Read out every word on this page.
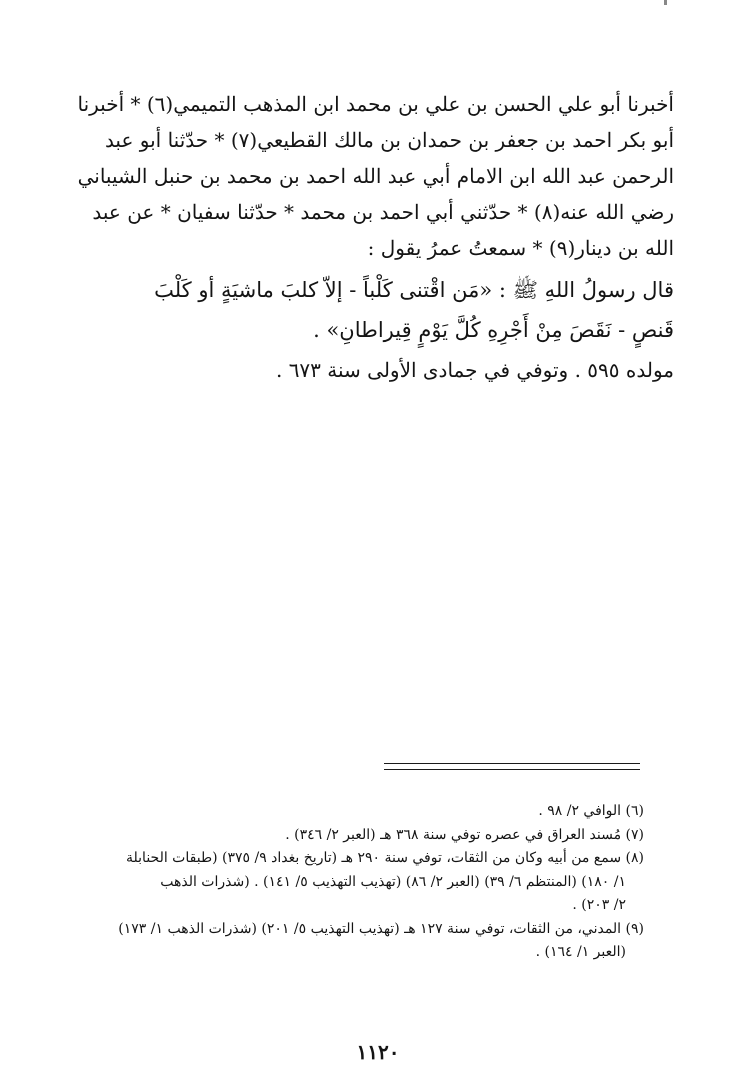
أخبرنا أبو علي الحسن بن علي بن محمد ابن المذهب التميمي(٦) * أخبرنا
أبو بكر احمد بن جعفر بن حمدان بن مالك القطيعي(٧) * حدّثنا أبو عبد
الرحمن عبد الله ابن الامام أبي عبد الله احمد بن محمد بن حنبل الشيباني
رضي الله عنه(٨) * حدّثني أبي احمد بن محمد * حدّثنا سفيان * عن عبد
الله بن دينار(٩) * سمعتُ عمرُ يقول :
قال رسولُ اللهِ ﷺ : «مَن اقْتنى كَلْباً - إلاّ كلبَ ماشيَةٍ أو كَلْبَ
قَنصٍ - نَقَصَ مِنْ أَجْرِهِ كُلَّ يَوْمٍ قِيراطانِ» .
مولده ٥٩٥ . وتوفي في جمادى الأولى سنة ٦٧٣ .
(٦) الوافي ٢/ ٩٨ .
(٧) مُسند العراق في عصره توفي سنة ٣٦٨ هـ (العبر ٢/ ٣٤٦) .
(٨) سمع من أبيه وكان من الثقات، توفي سنة ٢٩٠ هـ (تاريخ بغداد ٩/ ٣٧٥) (طبقات الحنابلة
١/ ١٨٠) (المنتظم ٦/ ٣٩) (العبر ٢/ ٨٦) (تهذيب التهذيب ٥/ ١٤١) . (شذرات الذهب
٢/ ٢٠٣) .
(٩) المدني، من الثقات، توفي سنة ١٢٧ هـ (تهذيب التهذيب ٥/ ٢٠١) (شذرات الذهب ١/ ١٧٣)
(العبر ١/ ١٦٤) .
١١٢٠
